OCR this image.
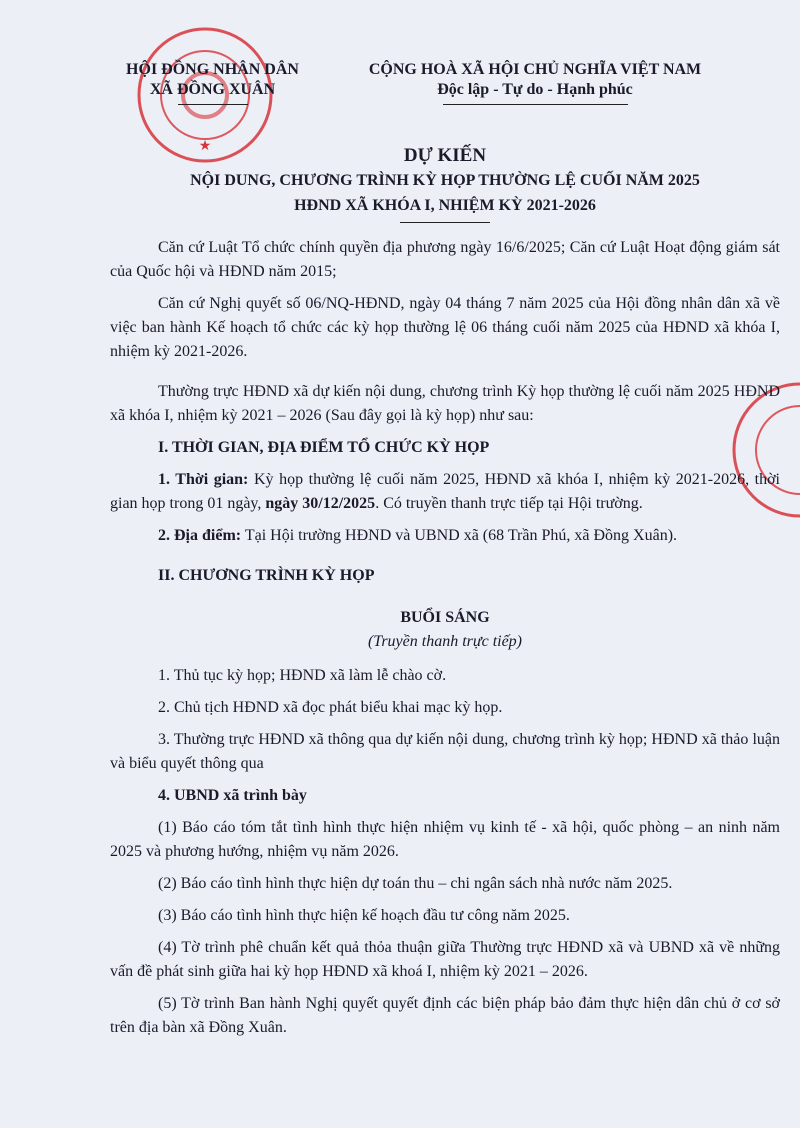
★
HỘI ĐỒNG NHÂN DÂN
XÃ ĐỒNG XUÂN
CỘNG HOÀ XÃ HỘI CHỦ NGHĨA VIỆT NAM
Độc lập - Tự do - Hạnh phúc
DỰ KIẾN
NỘI DUNG, CHƯƠNG TRÌNH KỲ HỌP THƯỜNG LỆ CUỐI NĂM 2025
HĐND XÃ KHÓA I, NHIỆM KỲ 2021-2026

Căn cứ Luật Tổ chức chính quyền địa phương ngày 16/6/2025; Căn cứ Luật Hoạt động giám sát của Quốc hội và HĐND năm 2015;

Căn cứ Nghị quyết số 06/NQ-HĐND, ngày 04 tháng 7 năm 2025 của Hội đồng nhân dân xã về việc ban hành Kế hoạch tổ chức các kỳ họp thường lệ 06 tháng cuối năm 2025 của HĐND xã khóa I, nhiệm kỳ 2021-2026.

Thường trực HĐND xã dự kiến nội dung, chương trình Kỳ họp thường lệ cuối năm 2025 HĐND xã khóa I, nhiệm kỳ 2021 – 2026 (Sau đây gọi là kỳ họp) như sau:

I. THỜI GIAN, ĐỊA ĐIỂM TỔ CHỨC KỲ HỌP

1. Thời gian: Kỳ họp thường lệ cuối năm 2025, HĐND xã khóa I, nhiệm kỳ 2021-2026, thời gian họp trong 01 ngày, ngày 30/12/2025. Có truyền thanh trực tiếp tại Hội trường.

2. Địa điểm: Tại Hội trường HĐND và UBND xã (68 Trần Phú, xã Đồng Xuân).

II. CHƯƠNG TRÌNH KỲ HỌP
BUỔI SÁNG
(Truyền thanh trực tiếp)

1. Thủ tục kỳ họp; HĐND xã làm lễ chào cờ.

2. Chủ tịch HĐND xã đọc phát biểu khai mạc kỳ họp.

3. Thường trực HĐND xã thông qua dự kiến nội dung, chương trình kỳ họp; HĐND xã thảo luận và biểu quyết thông qua

4. UBND xã trình bày

(1) Báo cáo tóm tắt tình hình thực hiện nhiệm vụ kinh tế - xã hội, quốc phòng – an ninh năm 2025 và phương hướng, nhiệm vụ năm 2026.

(2) Báo cáo tình hình thực hiện dự toán thu – chi ngân sách nhà nước năm 2025.

(3) Báo cáo tình hình thực hiện kế hoạch đầu tư công năm 2025.

(4) Tờ trình phê chuẩn kết quả thỏa thuận giữa Thường trực HĐND xã và UBND xã về những vấn đề phát sinh giữa hai kỳ họp HĐND xã khoá I, nhiệm kỳ 2021 – 2026.

(5) Tờ trình Ban hành Nghị quyết quyết định các biện pháp bảo đảm thực hiện dân chủ ở cơ sở trên địa bàn xã Đồng Xuân.
